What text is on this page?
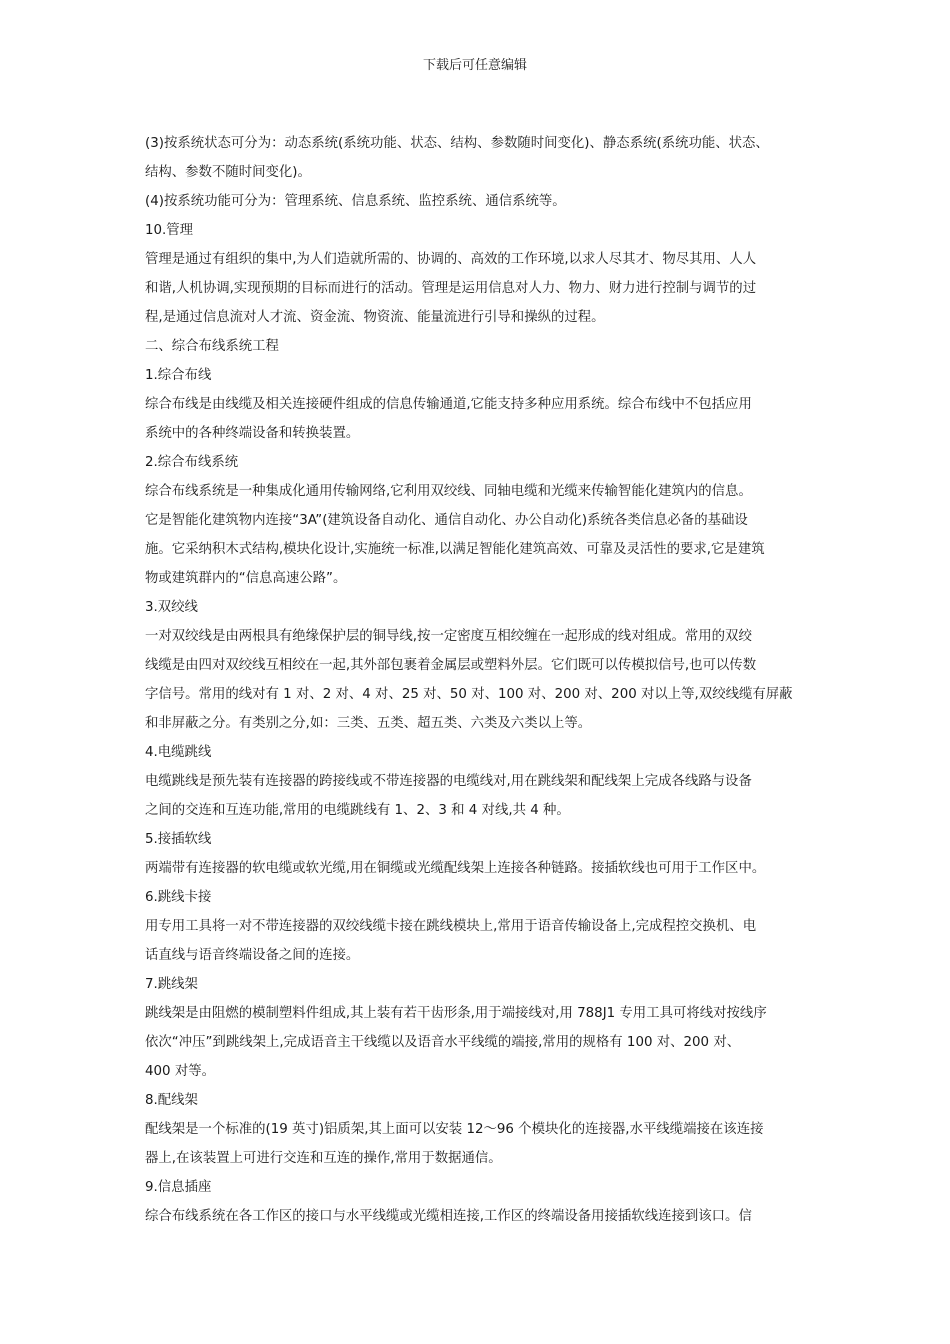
下载后可任意编辑

(3)按系统状态可分为：动态系统(系统功能、状态、结构、参数随时间变化)、静态系统(系统功能、状态、
结构、参数不随时间变化)。

(4)按系统功能可分为：管理系统、信息系统、监控系统、通信系统等。

10.管理

管理是通过有组织的集中,为人们造就所需的、协调的、高效的工作环境,以求人尽其才、物尽其用、人人
和谐,人机协调,实现预期的目标而进行的活动。管理是运用信息对人力、物力、财力进行控制与调节的过
程,是通过信息流对人才流、资金流、物资流、能量流进行引导和操纵的过程。

二、综合布线系统工程

1.综合布线

综合布线是由线缆及相关连接硬件组成的信息传输通道,它能支持多种应用系统。综合布线中不包括应用
系统中的各种终端设备和转换装置。

2.综合布线系统

综合布线系统是一种集成化通用传输网络,它利用双绞线、同轴电缆和光缆来传输智能化建筑内的信息。
它是智能化建筑物内连接“3A”(建筑设备自动化、通信自动化、办公自动化)系统各类信息必备的基础设
施。它采纳积木式结构,模块化设计,实施统一标准,以满足智能化建筑高效、可靠及灵活性的要求,它是建筑
物或建筑群内的“信息高速公路”。

3.双绞线

一对双绞线是由两根具有绝缘保护层的铜导线,按一定密度互相绞缠在一起形成的线对组成。常用的双绞
线缆是由四对双绞线互相绞在一起,其外部包裹着金属层或塑料外层。它们既可以传模拟信号,也可以传数
字信号。常用的线对有 1 对、2 对、4 对、25 对、50 对、100 对、200 对、200 对以上等,双绞线缆有屏蔽
和非屏蔽之分。有类别之分,如：三类、五类、超五类、六类及六类以上等。

4.电缆跳线

电缆跳线是预先装有连接器的跨接线或不带连接器的电缆线对,用在跳线架和配线架上完成各线路与设备
之间的交连和互连功能,常用的电缆跳线有 1、2、3 和 4 对线,共 4 种。

5.接插软线

两端带有连接器的软电缆或软光缆,用在铜缆或光缆配线架上连接各种链路。接插软线也可用于工作区中。

6.跳线卡接

用专用工具将一对不带连接器的双绞线缆卡接在跳线模块上,常用于语音传输设备上,完成程控交换机、电
话直线与语音终端设备之间的连接。

7.跳线架

跳线架是由阻燃的模制塑料件组成,其上装有若干齿形条,用于端接线对,用 788J1 专用工具可将线对按线序
依次“冲压”到跳线架上,完成语音主干线缆以及语音水平线缆的端接,常用的规格有 100 对、200 对、
400 对等。

8.配线架

配线架是一个标准的(19 英寸)铝质架,其上面可以安装 12～96 个模块化的连接器,水平线缆端接在该连接
器上,在该装置上可进行交连和互连的操作,常用于数据通信。

9.信息插座

综合布线系统在各工作区的接口与水平线缆或光缆相连接,工作区的终端设备用接插软线连接到该口。信
